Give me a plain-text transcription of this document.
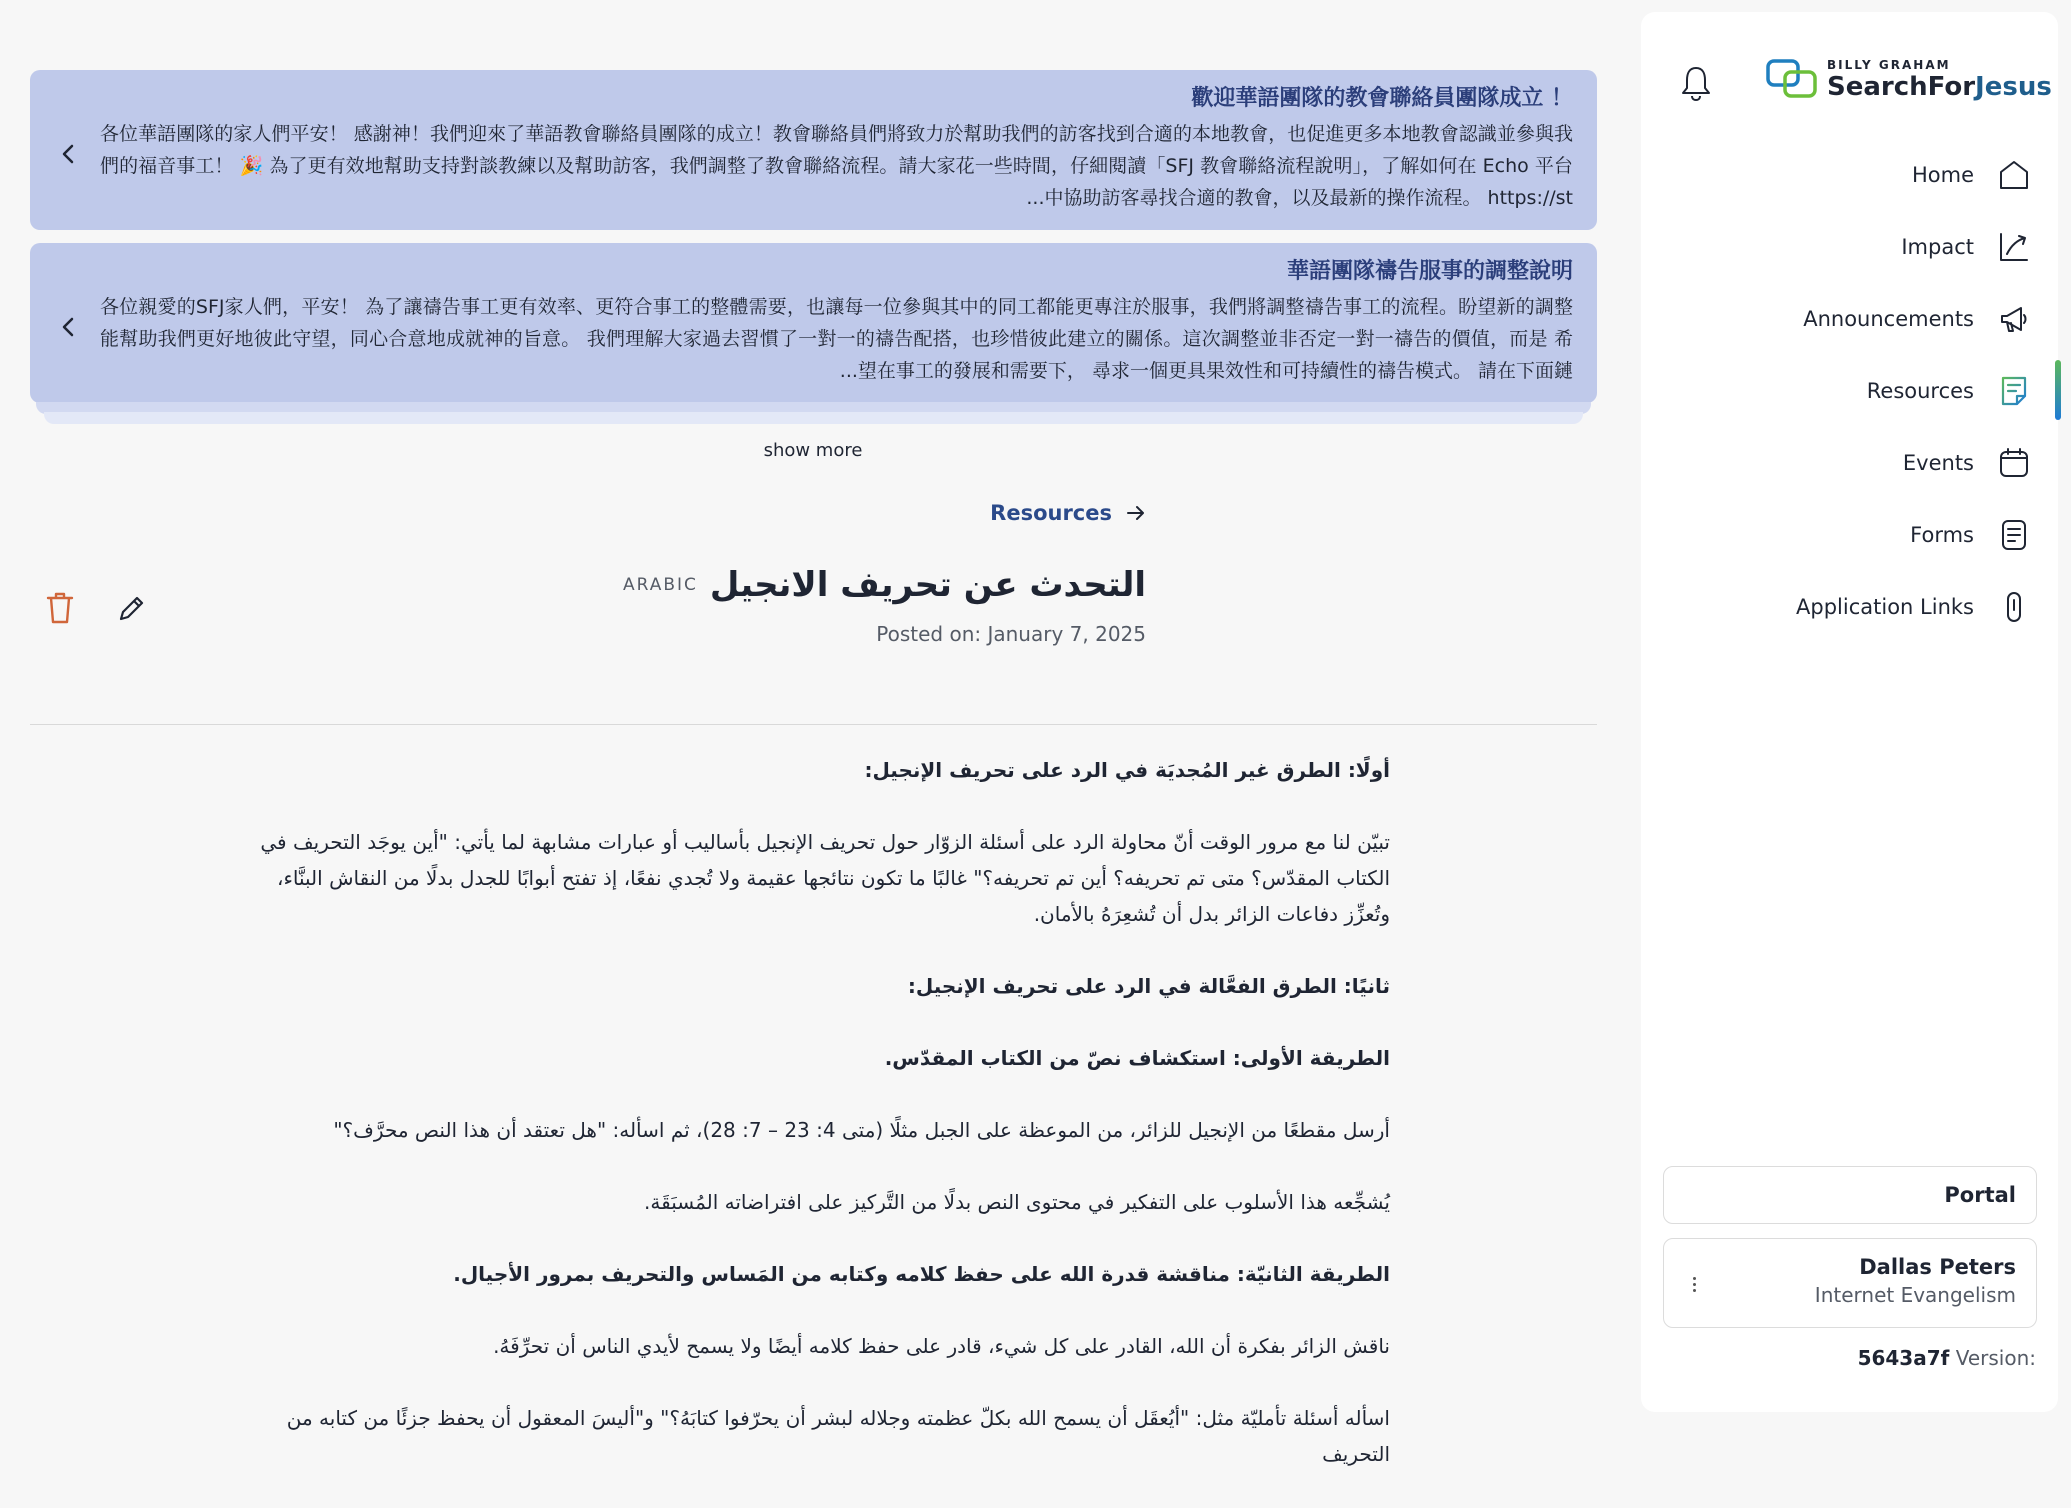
！ 歡迎華語團隊的教會聯絡員團隊成立
各位華語團隊的家人們平安！ 感謝神！我們迎來了華語教會聯絡員團隊的成立！教會聯絡員們將致力於幫助我們的訪客找到合適的本地教會，也促進更多本地教會認識並參與我們的福音事工！ 🎉 為了更有效地幫助支持對談教練以及幫助訪客，我們調整了教會聯絡流程。請大家花一些時間，仔細閱讀「SFJ 教會聯絡流程說明」，了解如何在 Echo 平台中協助訪客尋找合適的教會，以及最新的操作流程。 https://st...
華語團隊禱告服事的調整說明
各位親愛的SFJ家人們，平安！ 為了讓禱告事工更有效率、更符合事工的整體需要，也讓每一位參與其中的同工都能更專注於服事，我們將調整禱告事工的流程。盼望新的調整能幫助我們更好地彼此守望，同心合意地成就神的旨意。 我們理解大家過去習慣了一對一的禱告配搭，也珍惜彼此建立的關係。這次調整並非否定一對一禱告的價值，而是 希望在事工的發展和需要下， 尋求一個更具果效性和可持續性的禱告模式。 請在下面鏈...
show more
Resources
ARABIC التحدث عن تحريف الانجيل
Posted on: January 7, 2025

أولًا: الطرق غير المُجديَة في الرد على تحريف الإنجيل:

تبيّن لنا مع مرور الوقت أنّ محاولة الرد على أسئلة الزوّار حول تحريف الإنجيل بأساليب أو عبارات مشابهة لما يأتي: "أين يوجَد التحريف في الكتاب المقدّس؟ متى تم تحريفه؟ أين تم تحريفه؟" غالبًا ما تكون نتائجها عقيمة ولا تُجدي نفعًا، إذ تفتح أبوابًا للجدل بدلًا من النقاش البنَّاء، وتُعزِّز دفاعات الزائر بدل أن تُشعِرَهُ بالأمان.

ثانيًا: الطرق الفعَّالة في الرد على تحريف الإنجيل:

الطريقة الأولى: استكشاف نصّ من الكتاب المقدّس.

أرسل مقطعًا من الإنجيل للزائر، من الموعظة على الجبل مثلًا (متى 4: 23 – 7: 28)، ثم اسأله: "هل تعتقد أن هذا النص محرَّف؟"

يُشجِّعه هذا الأسلوب على التفكير في محتوى النص بدلًا من التَّركيز على افتراضاته المُسبَقَة.

الطريقة الثانيّة: مناقشة قدرة الله على حفظ كلامه وكتابه من المَساس والتحريف بمرور الأجيال.

ناقش الزائر بفكرة أن الله، القادر على كل شيء، قادر على حفظ كلامه أيضًا ولا يسمح لأيدي الناس أن تحرِّفَهُ.

اسأله أسئلة تأمليّة مثل: "أيُعقَل أن يسمح الله بكلّ عظمته وجلاله لبشر أن يحرّفوا كتابَهُ؟" و"أليسَ المعقول أن يحفظ جزئًا من كتابه من التحريف

BILLY GRAHAM
SearchForJesus
Home
Impact
Announcements
Resources
Events
Forms
Application Links
Portal
Dallas Peters
Internet Evangelism
5643a7f Version:
